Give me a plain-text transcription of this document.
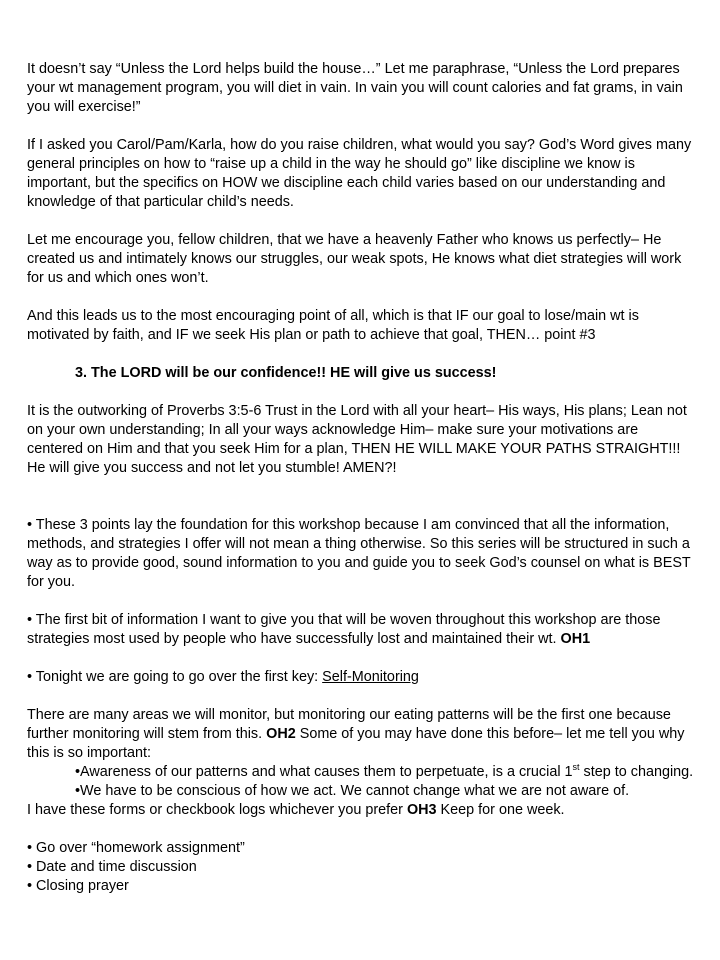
It doesn’t say “Unless the Lord helps build the house…” Let me paraphrase, “Unless the Lord prepares your wt management program, you will diet in vain. In vain you will count calories and fat grams, in vain you will exercise!”

If I asked you Carol/Pam/Karla, how do you raise children, what would you say? God’s Word gives many general principles on how to “raise up a child in the way he should go” like discipline we know is important, but the specifics on HOW we discipline each child varies based on our understanding and knowledge of that particular child’s needs.

Let me encourage you, fellow children, that we have a heavenly Father who knows us perfectly– He created us and intimately knows our struggles, our weak spots, He knows what diet strategies will work for us and which ones won’t.

And this leads us to the most encouraging point of all, which is that IF our goal to lose/main wt is motivated by faith, and IF we seek His plan or path to achieve that goal, THEN… point #3

3. The LORD will be our confidence!! HE will give us success!

It is the outworking of Proverbs 3:5-6 Trust in the Lord with all your heart– His ways, His plans; Lean not on your own understanding; In all your ways acknowledge Him– make sure your motivations are centered on Him and that you seek Him for a plan, THEN HE WILL MAKE YOUR PATHS STRAIGHT!!! He will give you success and not let you stumble! AMEN?!

• These 3 points lay the foundation for this workshop because I am convinced that all the information, methods, and strategies I offer will not mean a thing otherwise. So this series will be structured in such a way as to provide good, sound information to you and guide you to seek God’s counsel on what is BEST for you.

• The first bit of information I want to give you that will be woven throughout this workshop are those strategies most used by people who have successfully lost and maintained their wt. OH1

• Tonight we are going to go over the first key: Self-Monitoring

There are many areas we will monitor, but monitoring our eating patterns will be the first one because further monitoring will stem from this. OH2 Some of you may have done this before– let me tell you why this is so important:

•Awareness of our patterns and what causes them to perpetuate, is a crucial 1st step to changing.

•We have to be conscious of how we act. We cannot change what we are not aware of.

I have these forms or checkbook logs whichever you prefer OH3 Keep for one week.

• Go over “homework assignment”

• Date and time discussion

• Closing prayer
